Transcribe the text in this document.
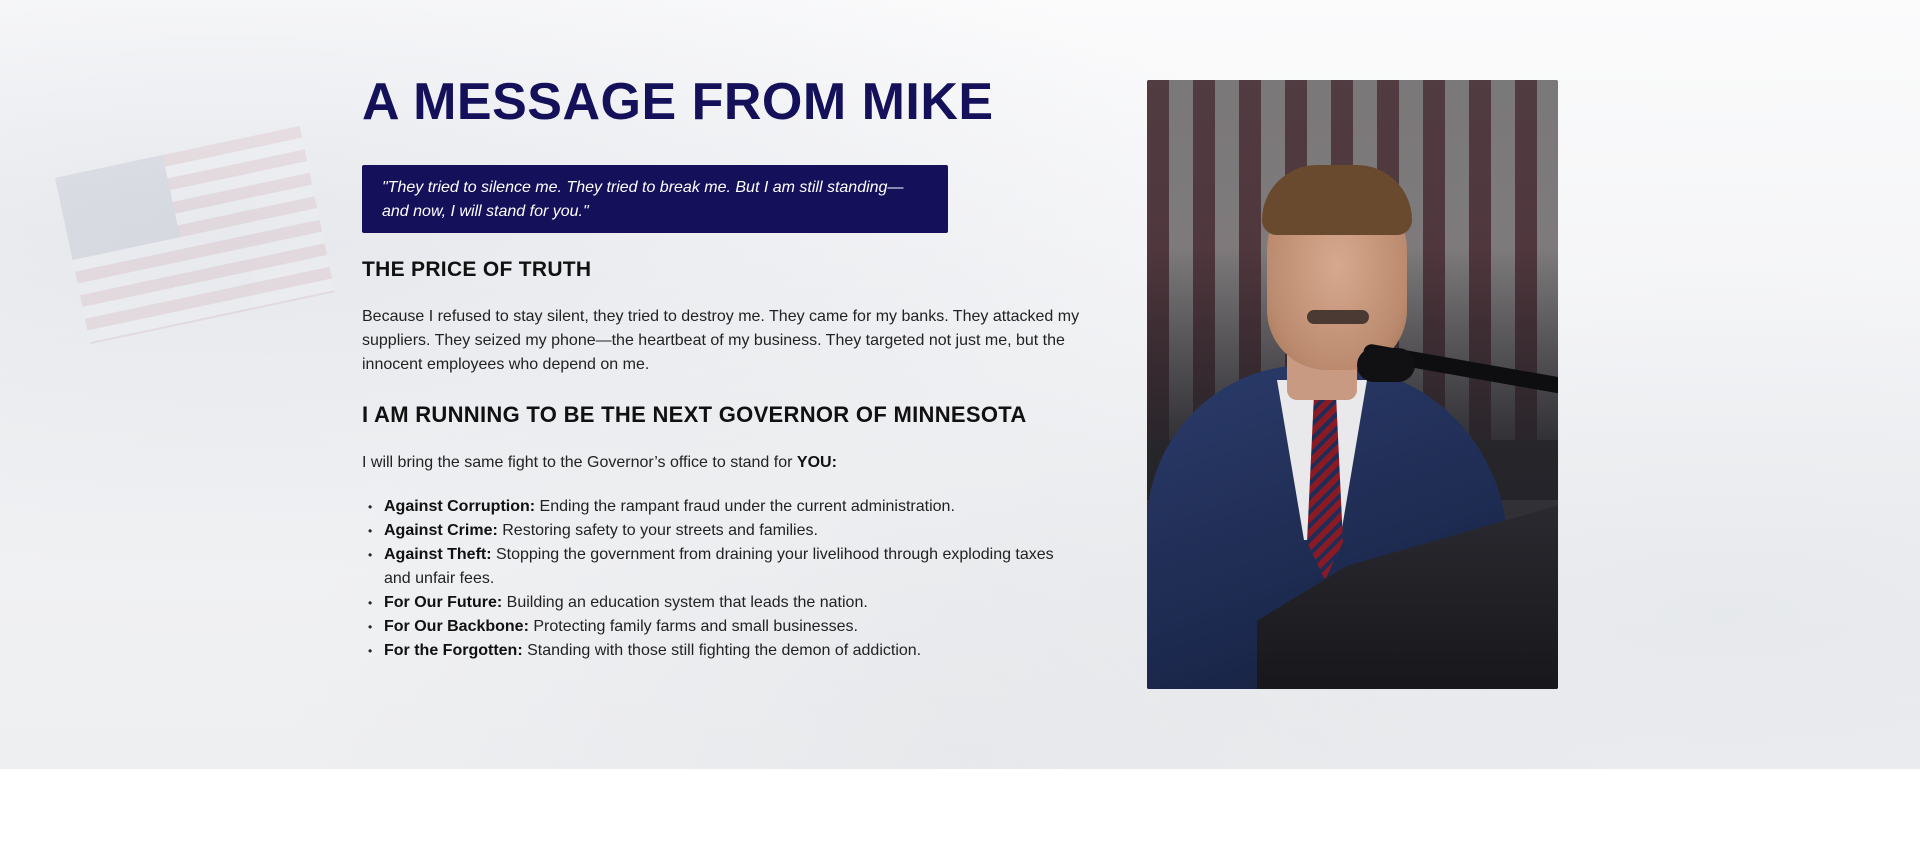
A MESSAGE FROM MIKE
"They tried to silence me. They tried to break me. But I am still standing—and now, I will stand for you."
THE PRICE OF TRUTH

Because I refused to stay silent, they tried to destroy me. They came for my banks. They attacked my suppliers. They seized my phone—the heartbeat of my business. They targeted not just me, but the innocent employees who depend on me.

I AM RUNNING TO BE THE NEXT GOVERNOR OF MINNESOTA

I will bring the same fight to the Governor’s office to stand for YOU:

• Against Corruption: Ending the rampant fraud under the current administration.
• Against Crime: Restoring safety to your streets and families.
• Against Theft: Stopping the government from draining your livelihood through exploding taxes and unfair fees.
• For Our Future: Building an education system that leads the nation.
• For Our Backbone: Protecting family farms and small businesses.
• For the Forgotten: Standing with those still fighting the demon of addiction.
